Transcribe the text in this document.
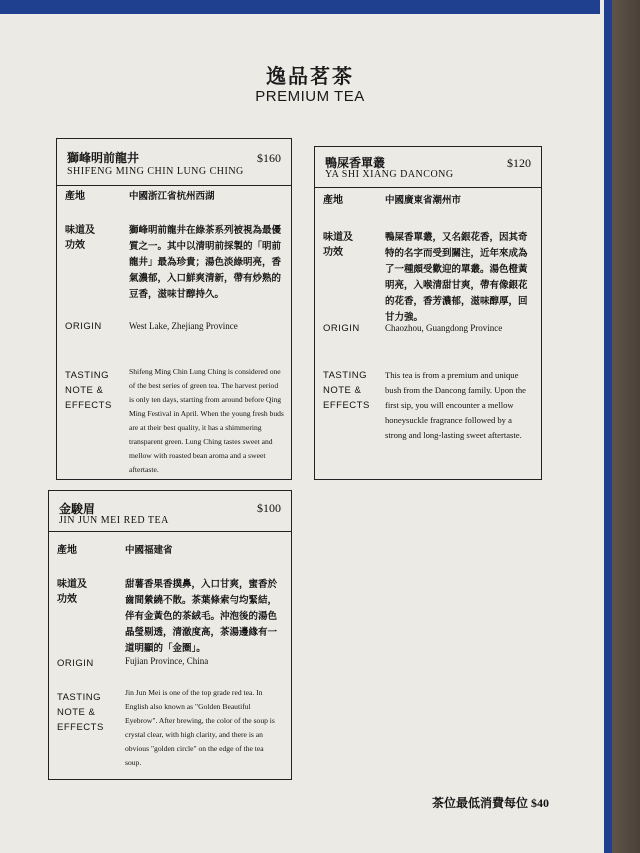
逸品茗茶
PREMIUM TEA
獅峰明前龍井
SHIFENG MING CHIN LUNG CHING
$160
產地	中國浙江省杭州西湖
味道及
功效
獅峰明前龍井在綠茶系列被視為最優質之一。其中以清明前採製的「明前龍井」最為珍貴；湯色淡綠明亮，香氣濃郁，入口鮮爽清新，帶有炒熟的豆香，滋味甘醇持久。
ORIGIN	West Lake, Zhejiang Province
TASTING
NOTE &
EFFECTS
Shifeng Ming Chin Lung Ching is considered one of the best series of green tea. The harvest period is only ten days, starting from around before Qing Ming Festival in April. When the young fresh buds are at their best quality, it has a shimmering transparent green. Lung Ching tastes sweet and mellow with roasted bean aroma and a sweet aftertaste.
鴨屎香單叢
YA SHI XIANG DANCONG
$120
產地	中國廣東省潮州市
味道及
功效
鴨屎香單叢，又名銀花香，因其奇特的名字而受到關注，近年來成為了一種頗受歡迎的單叢。湯色橙黃明亮，入喉清甜甘爽，帶有像銀花的花香，香芳濃郁，滋味醇厚，回甘力強。
ORIGIN	Chaozhou, Guangdong Province
TASTING
NOTE &
EFFECTS
This tea is from a premium and unique bush from the Dancong family. Upon the first sip, you will encounter a mellow honeysuckle fragrance followed by a strong and long-lasting sweet aftertaste.
金駿眉
JIN JUN MEI RED TEA
$100
產地	中國福建省
味道及
功效
甜薯香果香撲鼻，入口甘爽，蜜香於齒間縈繞不散。茶葉條索勻均緊結，伴有金黃色的茶絨毛。沖泡後的湯色晶瑩剔透，清澈度高，茶湯邊緣有一道明顯的「金圈」。
ORIGIN	Fujian Province, China
TASTING
NOTE &
EFFECTS
Jin Jun Mei is one of the top grade red tea. In English also known as "Golden Beautiful Eyebrow". After brewing, the color of the soup is crystal clear, with high clarity, and there is an obvious "golden circle" on the edge of the tea soup.
茶位最低消費每位 $40
